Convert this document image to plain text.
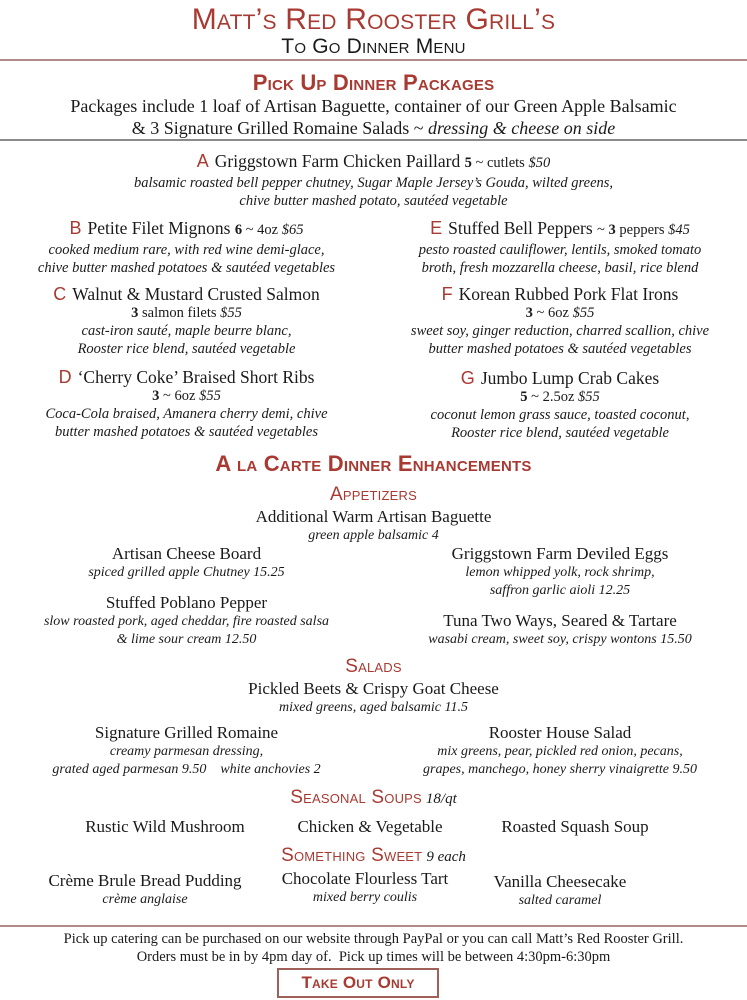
Matt’s Red Rooster Grill’s
To Go Dinner Menu
Pick Up Dinner Packages
Packages include 1 loaf of Artisan Baguette, container of our Green Apple Balsamic
& 3 Signature Grilled Romaine Salads ~ dressing & cheese on side
A Griggstown Farm Chicken Paillard 5 ~ cutlets $50
balsamic roasted bell pepper chutney, Sugar Maple Jersey’s Gouda, wilted greens,
chive butter mashed potato, sautéed vegetable
B Petite Filet Mignons 6 ~ 4oz $65
cooked medium rare, with red wine demi-glace,
chive butter mashed potatoes & sautéed vegetables
E Stuffed Bell Peppers ~ 3 peppers $45
pesto roasted cauliflower, lentils, smoked tomato
broth, fresh mozzarella cheese, basil, rice blend
C Walnut & Mustard Crusted Salmon
3 salmon filets $55
cast-iron sauté, maple beurre blanc,
Rooster rice blend, sautéed vegetable
F Korean Rubbed Pork Flat Irons
3 ~ 6oz $55
sweet soy, ginger reduction, charred scallion, chive
butter mashed potatoes & sautéed vegetables
D ‘Cherry Coke’ Braised Short Ribs
3 ~ 6oz $55
Coca-Cola braised, Amanera cherry demi, chive
butter mashed potatoes & sautéed vegetables
G Jumbo Lump Crab Cakes
5 ~ 2.5oz $55
coconut lemon grass sauce, toasted coconut,
Rooster rice blend, sautéed vegetable
A la Carte Dinner Enhancements
Appetizers
Additional Warm Artisan Baguette
green apple balsamic 4
Artisan Cheese Board
spiced grilled apple Chutney 15.25
Griggstown Farm Deviled Eggs
lemon whipped yolk, rock shrimp,
saffron garlic aioli 12.25
Stuffed Poblano Pepper
slow roasted pork, aged cheddar, fire roasted salsa
& lime sour cream 12.50
Tuna Two Ways, Seared & Tartare
wasabi cream, sweet soy, crispy wontons 15.50
Salads
Pickled Beets & Crispy Goat Cheese
mixed greens, aged balsamic 11.5
Signature Grilled Romaine
creamy parmesan dressing,
grated aged parmesan 9.50    white anchovies 2
Rooster House Salad
mix greens, pear, pickled red onion, pecans,
grapes, manchego, honey sherry vinaigrette 9.50
Seasonal Soups 18/qt
Rustic Wild Mushroom	Chicken & Vegetable	Roasted Squash Soup
Something Sweet 9 each
Crème Brule Bread Pudding
crème anglaise
Chocolate Flourless Tart
mixed berry coulis
Vanilla Cheesecake
salted caramel
Pick up catering can be purchased on our website through PayPal or you can call Matt’s Red Rooster Grill.
Orders must be in by 4pm day of.  Pick up times will be between 4:30pm-6:30pm
Take Out Only
